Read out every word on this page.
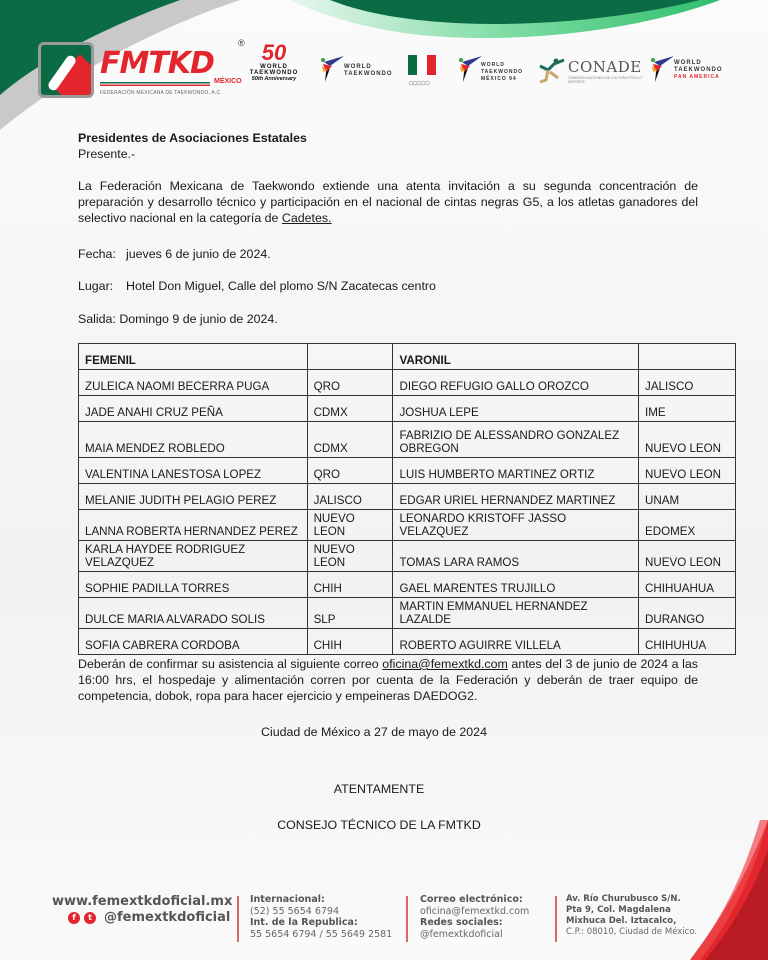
FMTKD
®
MÉXICO
FEDERACIÓN MEXICANA DE TAEKWONDO, A.C.
50
WORLD
TAEKWONDO
50th Anniversary
WORLD
TAEKWONDO
○○○○○
WORLD
TAEKWONDO
MÉXICO 94
CONADE
COMISIÓN NACIONAL DE CULTURA FÍSICA Y DEPORTE
WORLD
TAEKWONDO
PAN AMERICA
Presidentes de Asociaciones Estatales
Presente.-
La Federación Mexicana de Taekwondo extiende una atenta invitación a su segunda concentración de preparación y desarrollo técnico y participación en el nacional de cintas negras G5, a los atletas ganadores del selectivo nacional en la categoría de Cadetes.
Fecha: jueves 6 de junio de 2024.
Lugar: Hotel Don Miguel, Calle del plomo S/N Zacatecas centro
Salida: Domingo 9 de junio de 2024.
FEMENIL		VARONIL	
ZULEICA NAOMI BECERRA PUGA	QRO	DIEGO REFUGIO GALLO OROZCO	JALISCO
JADE ANAHI CRUZ PEÑA	CDMX	JOSHUA LEPE	IME
MAIA MENDEZ ROBLEDO	CDMX	FABRIZIO DE ALESSANDRO GONZALEZ OBREGON	NUEVO LEON
VALENTINA LANESTOSA LOPEZ	QRO	LUIS HUMBERTO MARTINEZ ORTIZ	NUEVO LEON
MELANIE JUDITH PELAGIO PEREZ	JALISCO	EDGAR URIEL HERNANDEZ MARTINEZ	UNAM
LANNA ROBERTA HERNANDEZ PEREZ	NUEVO LEON	LEONARDO KRISTOFF JASSO VELAZQUEZ	EDOMEX
KARLA HAYDEE RODRIGUEZ VELAZQUEZ	NUEVO LEON	TOMAS LARA RAMOS	NUEVO LEON
SOPHIE PADILLA TORRES	CHIH	GAEL MARENTES TRUJILLO	CHIHUAHUA
DULCE MARIA ALVARADO SOLIS	SLP	MARTIN EMMANUEL HERNANDEZ LAZALDE	DURANGO
SOFIA CABRERA CORDOBA	CHIH	ROBERTO AGUIRRE VILLELA	CHIHUHUA
Deberán de confirmar su asistencia al siguiente correo oficina@femextkd.com antes del 3 de junio de 2024 a las 16:00 hrs, el hospedaje y alimentación corren por cuenta de la Federación y deberán de traer equipo de competencia, dobok, ropa para hacer ejercicio y empeineras DAEDOG2.
Ciudad de México a 27 de mayo de 2024
ATENTAMENTE
CONSEJO TÉCNICO DE LA FMTKD
www.femextkdoficial.mx
f	t @femextkdoficial
Internacional:
(52) 55 5654 6794
Int. de la Republica:
55 5654 6794 / 55 5649 2581
Correo electrónico:
oficina@femextkd.com
Redes sociales:
@femextkdoficial
Av. Río Churubusco S/N.
Pta 9, Col. Magdalena
Mixhuca Del. Iztacalco,
C.P.: 08010, Ciudad de México.
